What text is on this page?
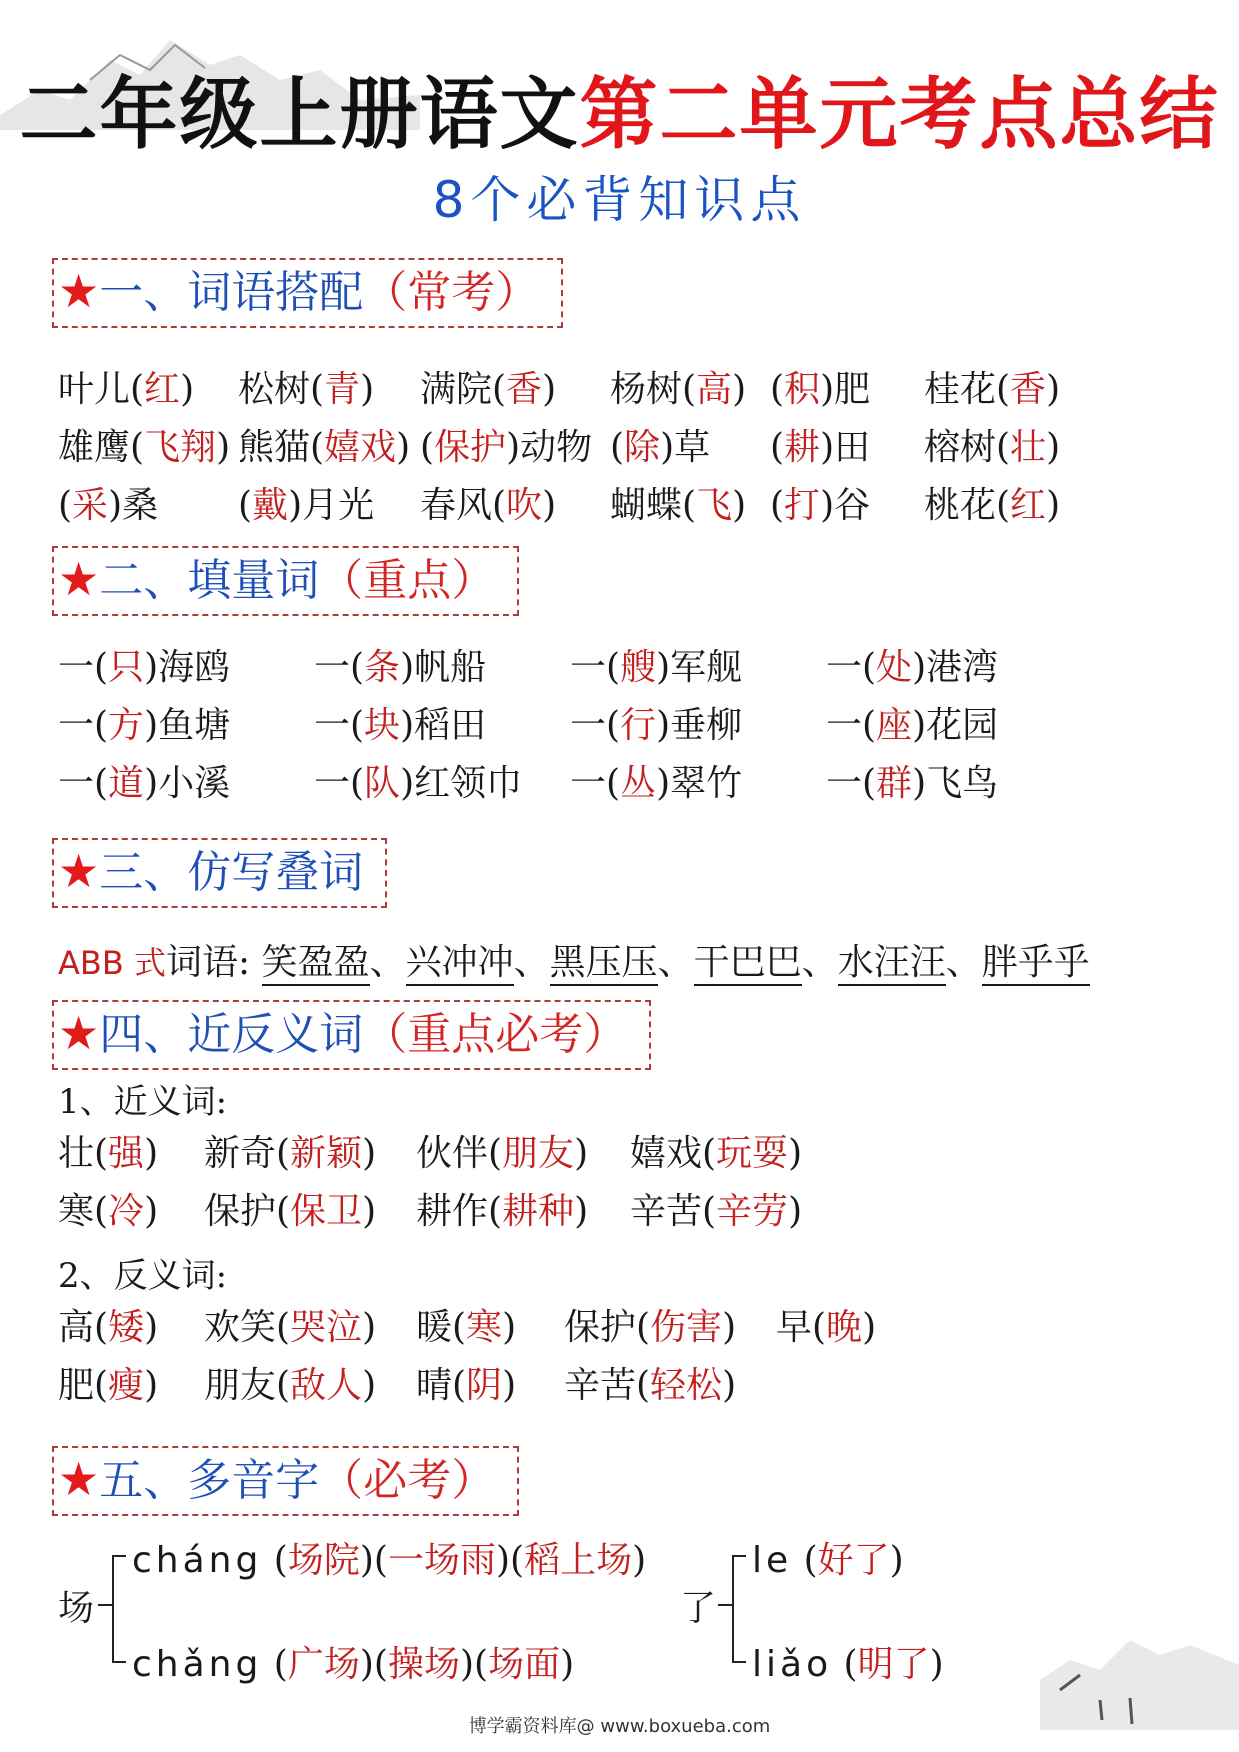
二年级上册语文第二单元考点总结
8个必背知识点
★一、词语搭配（常考）
叶儿(红) 松树(青) 满院(香) 杨树(高) (积)肥 桂花(香)
雄鹰(飞翔) 熊猫(嬉戏) (保护)动物 (除)草 (耕)田 榕树(壮)
(采)桑 (戴)月光 春风(吹) 蝴蝶(飞) (打)谷 桃花(红)
★二、填量词（重点）
一(只)海鸥 一(条)帆船 一(艘)军舰 一(处)港湾
一(方)鱼塘 一(块)稻田 一(行)垂柳 一(座)花园
一(道)小溪 一(队)红领巾 一(丛)翠竹 一(群)飞鸟
★三、仿写叠词
ABB 式词语: 笑盈盈、兴冲冲、黑压压、干巴巴、水汪汪、胖乎乎
★四、近反义词（重点必考）
1、近义词:
壮(强) 新奇(新颖) 伙伴(朋友) 嬉戏(玩耍)
寒(冷) 保护(保卫) 耕作(耕种) 辛苦(辛劳)
2、反义词:
高(矮) 欢笑(哭泣) 暖(寒) 保护(伤害) 早(晚)
肥(瘦) 朋友(敌人) 晴(阴) 辛苦(轻松)
★五、多音字（必考）
场
cháng (场院)(一场雨)(稻上场)
chǎng (广场)(操场)(场面)
了
le (好了)
liǎo (明了)
博学霸资料库@ www.boxueba.com
